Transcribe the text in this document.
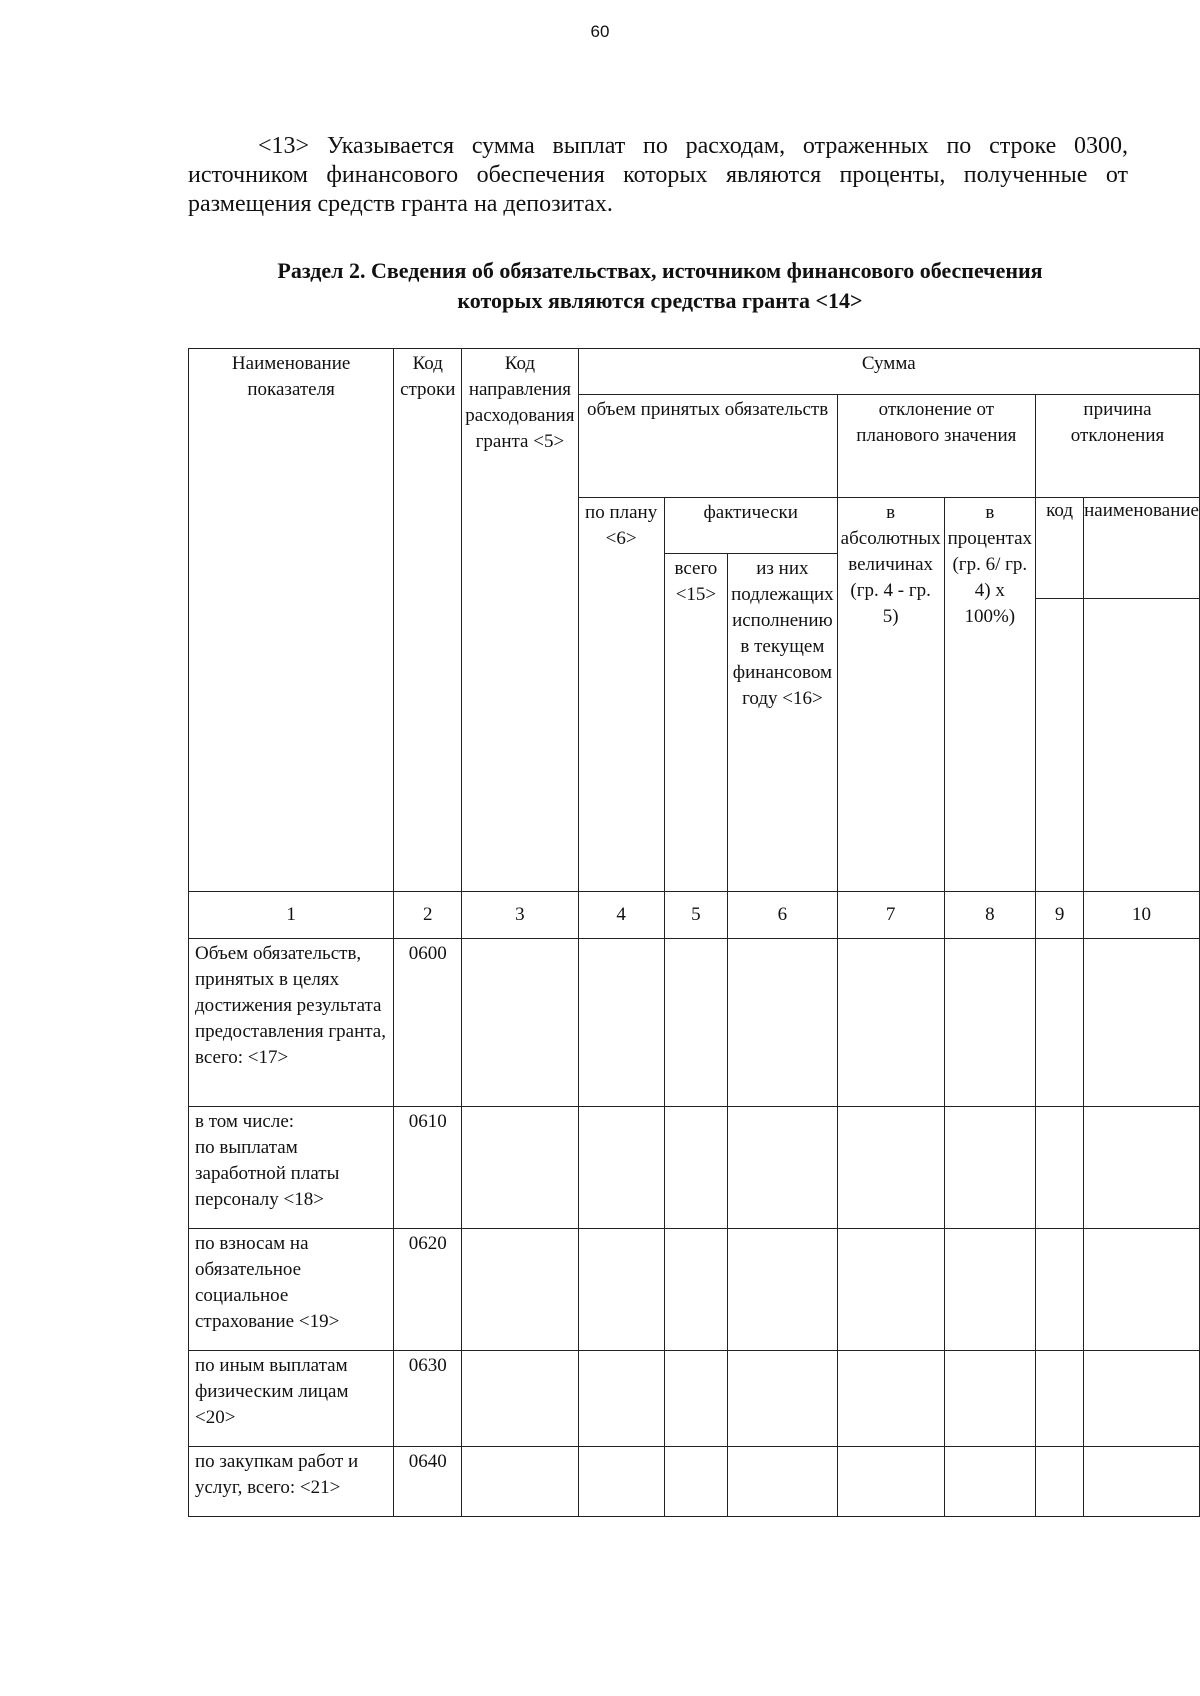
60

<13> Указывается сумма выплат по расходам, отраженных по строке 0300, источником финансового обеспечения которых являются проценты, полученные от размещения средств гранта на депозитах.

Раздел 2. Сведения об обязательствах, источником финансового обеспечения
которых являются средства гранта <14>
Наименование показателя	Код строки	Код направления расходования гранта <5>	Сумма						
			объем принятых обязательств			отклонение от планового значения		причина отклонения	
			по плану <6>	фактически		в абсолютных величинах (гр. 4 - гр. 5)	в процентах (гр. 6/ гр. 4) х 100%)	код	наименование

				всего <15>	из них подлежащих исполнению в текущем финансовом году <16>				
1	2	3	4	5	6	7	8	9	10
Объем обязательств, принятых в целях достижения результата предоставления гранта, всего: <17>	0600								

в том числе:
по выплатам заработной платы персоналу <18>	0610								
по взносам на обязательное социальное страхование <19>	0620								
по иным выплатам физическим лицам <20>	0630								
по закупкам работ и услуг, всего: <21>	0640								
